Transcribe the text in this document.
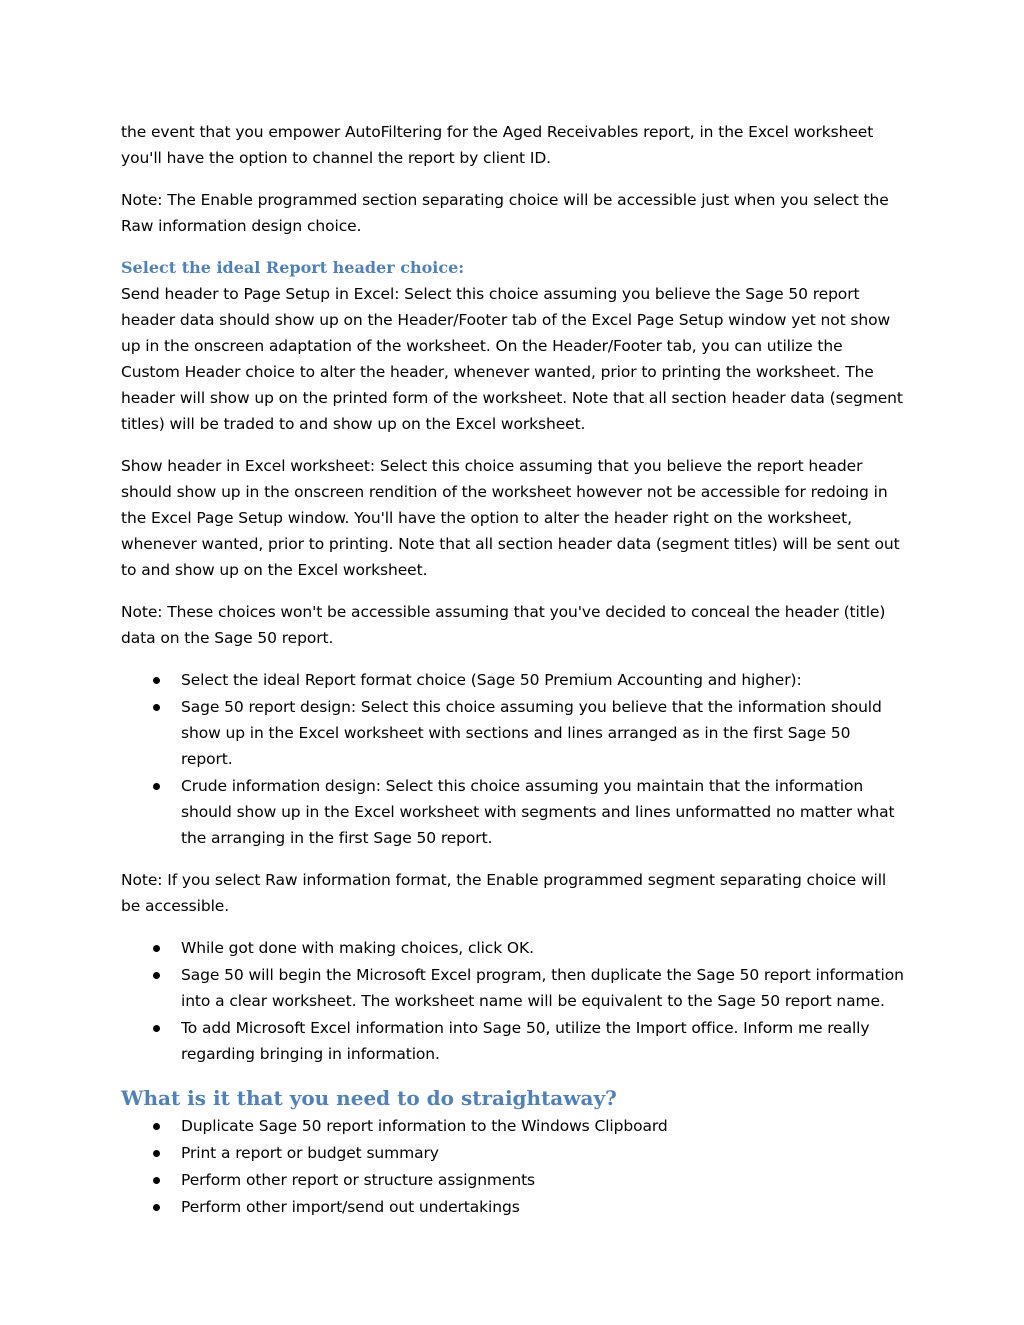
the event that you empower AutoFiltering for the Aged Receivables report, in the Excel worksheet you'll have the option to channel the report by client ID.

Note: The Enable programmed section separating choice will be accessible just when you select the Raw information design choice.

Select the ideal Report header choice:

Send header to Page Setup in Excel: Select this choice assuming you believe the Sage 50 report header data should show up on the Header/Footer tab of the Excel Page Setup window yet not show up in the onscreen adaptation of the worksheet. On the Header/Footer tab, you can utilize the Custom Header choice to alter the header, whenever wanted, prior to printing the worksheet. The header will show up on the printed form of the worksheet. Note that all section header data (segment titles) will be traded to and show up on the Excel worksheet.

Show header in Excel worksheet: Select this choice assuming that you believe the report header should show up in the onscreen rendition of the worksheet however not be accessible for redoing in the Excel Page Setup window. You'll have the option to alter the header right on the worksheet, whenever wanted, prior to printing. Note that all section header data (segment titles) will be sent out to and show up on the Excel worksheet.

Note: These choices won't be accessible assuming that you've decided to conceal the header (title) data on the Sage 50 report.

Select the ideal Report format choice (Sage 50 Premium Accounting and higher):
Sage 50 report design: Select this choice assuming you believe that the information should show up in the Excel worksheet with sections and lines arranged as in the first Sage 50 report.
Crude information design: Select this choice assuming you maintain that the information should show up in the Excel worksheet with segments and lines unformatted no matter what the arranging in the first Sage 50 report.

Note: If you select Raw information format, the Enable programmed segment separating choice will be accessible.

While got done with making choices, click OK.
Sage 50 will begin the Microsoft Excel program, then duplicate the Sage 50 report information into a clear worksheet. The worksheet name will be equivalent to the Sage 50 report name.
To add Microsoft Excel information into Sage 50, utilize the Import office. Inform me really regarding bringing in information.
What is it that you need to do straightaway?
Duplicate Sage 50 report information to the Windows Clipboard
Print a report or budget summary
Perform other report or structure assignments
Perform other import/send out undertakings
